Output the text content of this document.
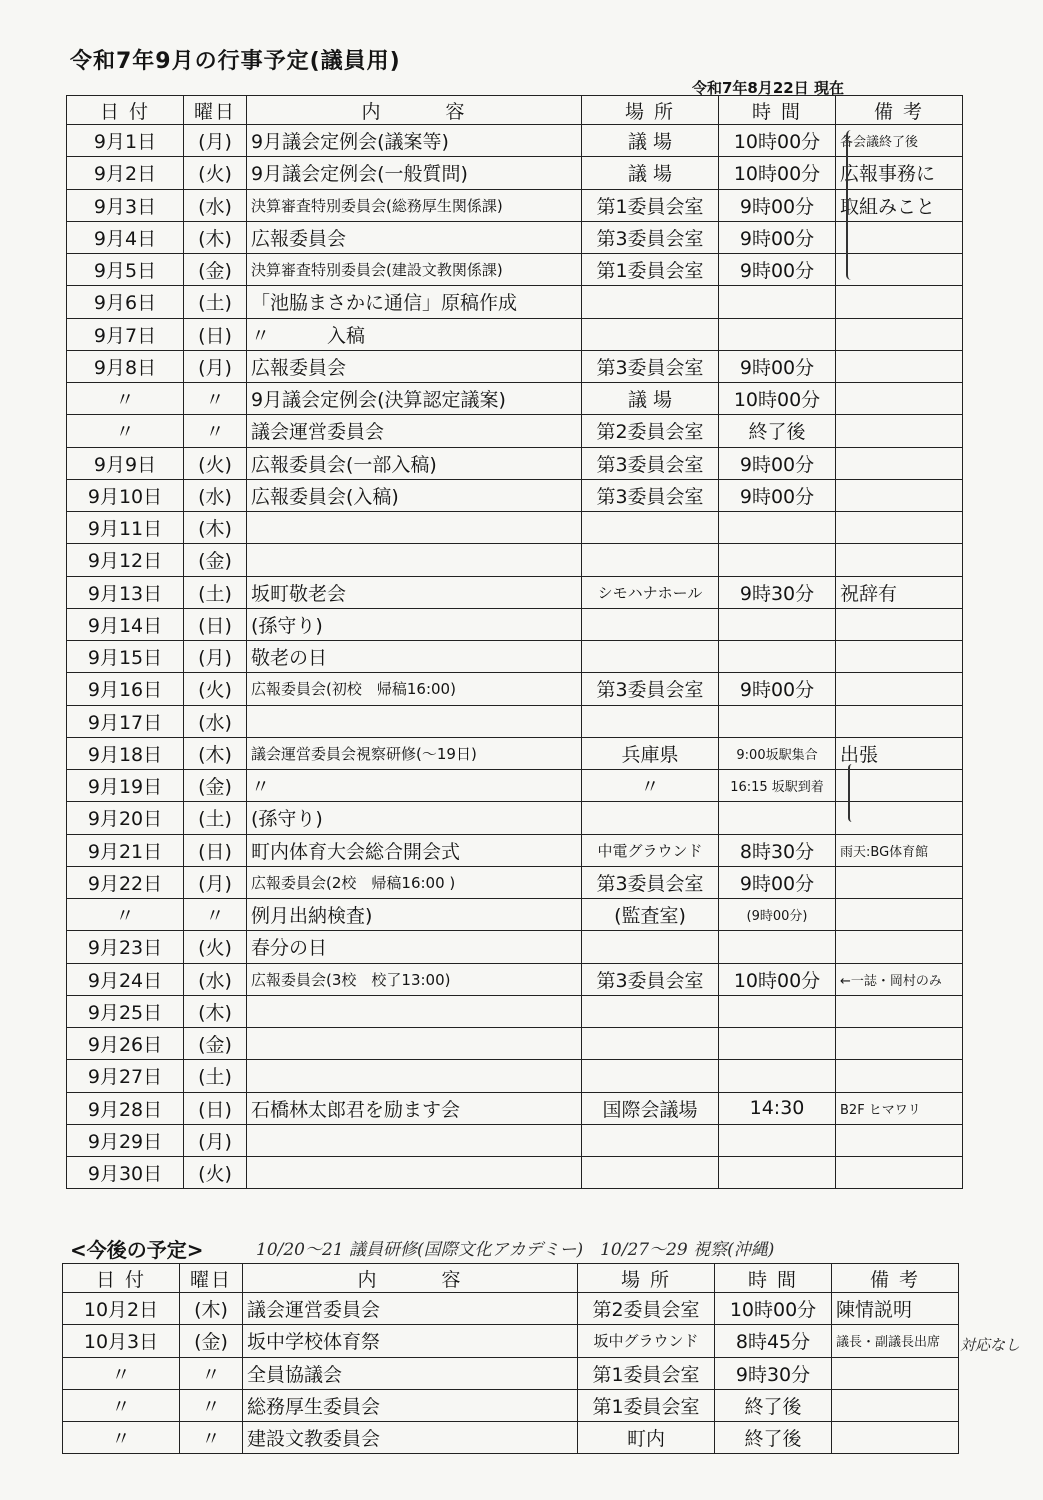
令和7年9月の行事予定(議員用)
令和7年8月22日 現在
日 付	曜日	内　　　容	場 所	時 間	備 考
9月1日	(月)	9月議会定例会(議案等)	議 場	10時00分	各会議終了後
9月2日	(火)	9月議会定例会(一般質問)	議 場	10時00分	広報事務に
9月3日	(水)	決算審査特別委員会(総務厚生関係課)	第1委員会室	9時00分	取組みこと
9月4日	(木)	広報委員会	第3委員会室	9時00分	
9月5日	(金)	決算審査特別委員会(建設文教関係課)	第1委員会室	9時00分	
9月6日	(土)	「池脇まさかに通信」原稿作成			
9月7日	(日)	〃　　　入稿			
9月8日	(月)	広報委員会	第3委員会室	9時00分	
〃	〃	9月議会定例会(決算認定議案)	議 場	10時00分	
〃	〃	議会運営委員会	第2委員会室	終了後	
9月9日	(火)	広報委員会(一部入稿)	第3委員会室	9時00分	
9月10日	(水)	広報委員会(入稿)	第3委員会室	9時00分	
9月11日	(木)				
9月12日	(金)				
9月13日	(土)	坂町敬老会	シモハナホール	9時30分	祝辞有
9月14日	(日)	(孫守り)			
9月15日	(月)	敬老の日			
9月16日	(火)	広報委員会(初校　帰稿16:00)	第3委員会室	9時00分	
9月17日	(水)				
9月18日	(木)	議会運営委員会視察研修(～19日)	兵庫県	9:00坂駅集合	出張
9月19日	(金)	〃	〃	16:15 坂駅到着	
9月20日	(土)	(孫守り)			
9月21日	(日)	町内体育大会総合開会式	中電グラウンド	8時30分	雨天:BG体育館
9月22日	(月)	広報委員会(2校　帰稿16:00 )	第3委員会室	9時00分	
〃	〃	例月出納検査)	(監査室)	(9時00分)	
9月23日	(火)	春分の日			
9月24日	(水)	広報委員会(3校　校了13:00)	第3委員会室	10時00分	←一誌・岡村のみ
9月25日	(木)				
9月26日	(金)				
9月27日	(土)				
9月28日	(日)	石橋林太郎君を励ます会	国際会議場	14:30	B2F ヒマワリ
9月29日	(月)				
9月30日	(火)				
<今後の予定>	10/20～21 議員研修(国際文化アカデミー)　10/27～29 視察(沖縄)
日 付	曜日	内　　　容	場 所	時 間	備 考
10月2日	(木)	議会運営委員会	第2委員会室	10時00分	陳情説明
10月3日	(金)	坂中学校体育祭	坂中グラウンド	8時45分	議長・副議長出席
〃	〃	全員協議会	第1委員会室	9時30分	
〃	〃	総務厚生委員会	第1委員会室	終了後	
〃	〃	建設文教委員会	町内	終了後	
対応なし
